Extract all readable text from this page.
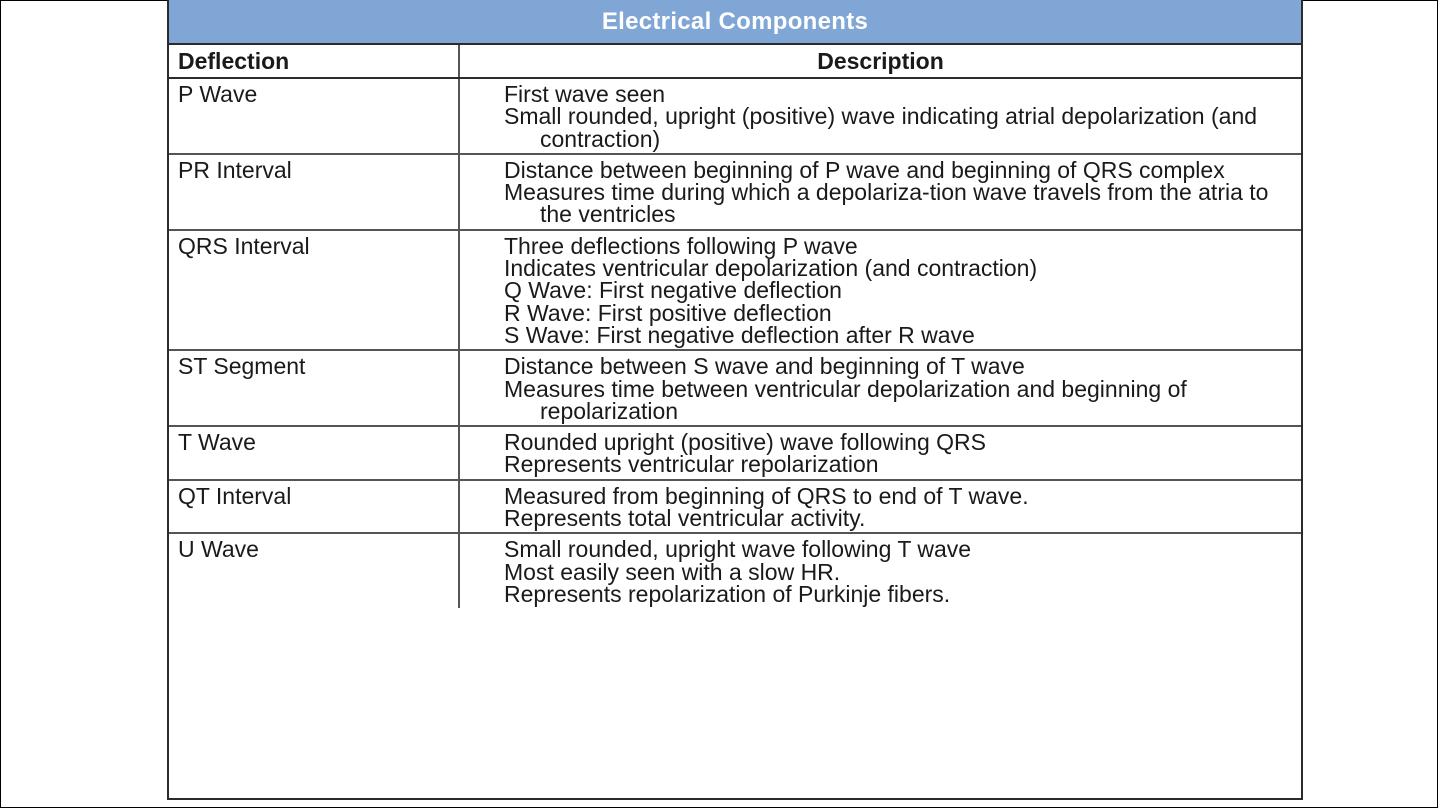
Electrical Components
Deflection	Description
P Wave	First wave seen

Small rounded, upright (positive) wave indicating atrial depolarization (and contraction)

PR Interval	Distance between beginning of P wave and beginning of QRS complex

Measures time during which a depolariza-tion wave travels from the atria to the ventricles

QRS Interval	Three deflections following P wave

Indicates ventricular depolarization (and contraction)

Q Wave: First negative deflection

R Wave: First positive deflection

S Wave: First negative deflection after R wave

ST Segment	Distance between S wave and beginning of T wave

Measures time between ventricular depolarization and beginning of repolarization

T Wave	Rounded upright (positive) wave following QRS

Represents ventricular repolarization

QT Interval	Measured from beginning of QRS to end of T wave.

Represents total ventricular activity.

U Wave	Small rounded, upright wave following T wave

Most easily seen with a slow HR.

Represents repolarization of Purkinje fibers.
